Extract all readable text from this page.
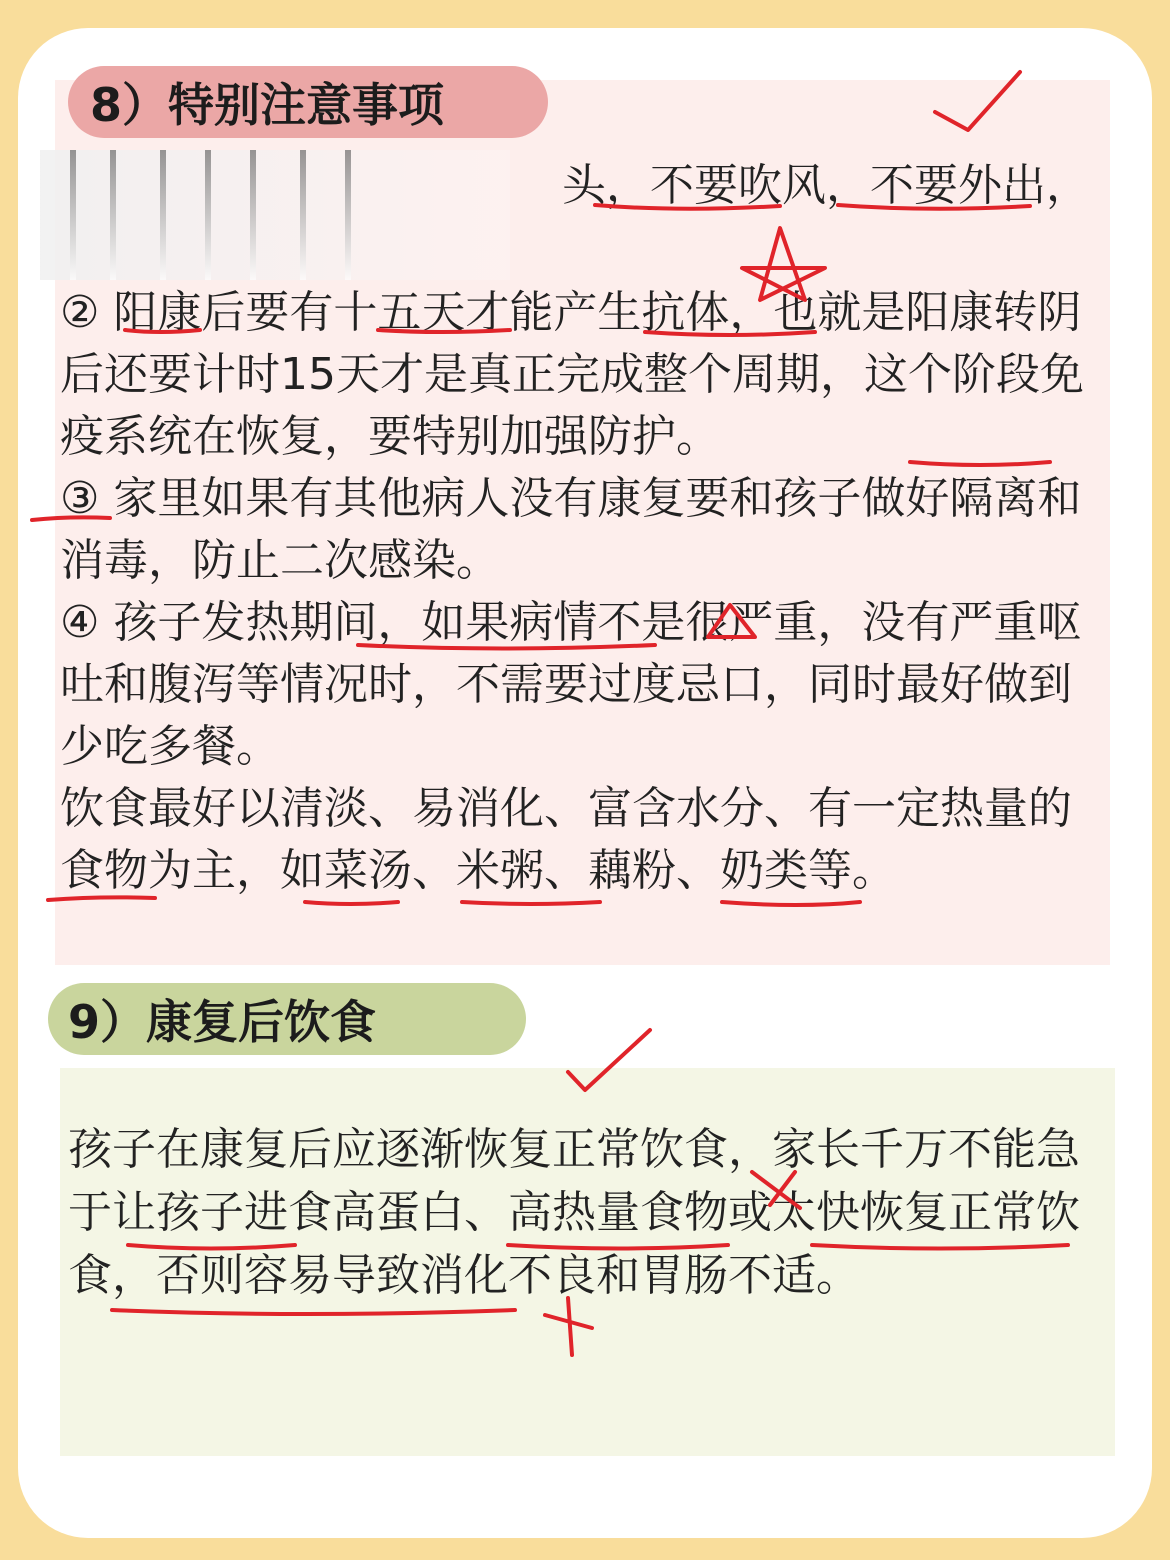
8）特别注意事项

头，不要吹风，不要外出，

② 阳康后要有十五天才能产生抗体，也就是阳康转阴后还要计时15天才是真正完成整个周期，这个阶段免疫系统在恢复，要特别加强防护。

③ 家里如果有其他病人没有康复要和孩子做好隔离和消毒，防止二次感染。

④ 孩子发热期间，如果病情不是很严重，没有严重呕吐和腹泻等情况时，不需要过度忌口，同时最好做到少吃多餐。

饮食最好以清淡、易消化、富含水分、有一定热量的食物为主，如菜汤、米粥、藕粉、奶类等。

9）康复后饮食

孩子在康复后应逐渐恢复正常饮食，家长千万不能急于让孩子进食高蛋白、高热量食物或太快恢复正常饮食，否则容易导致消化不良和胃肠不适。
